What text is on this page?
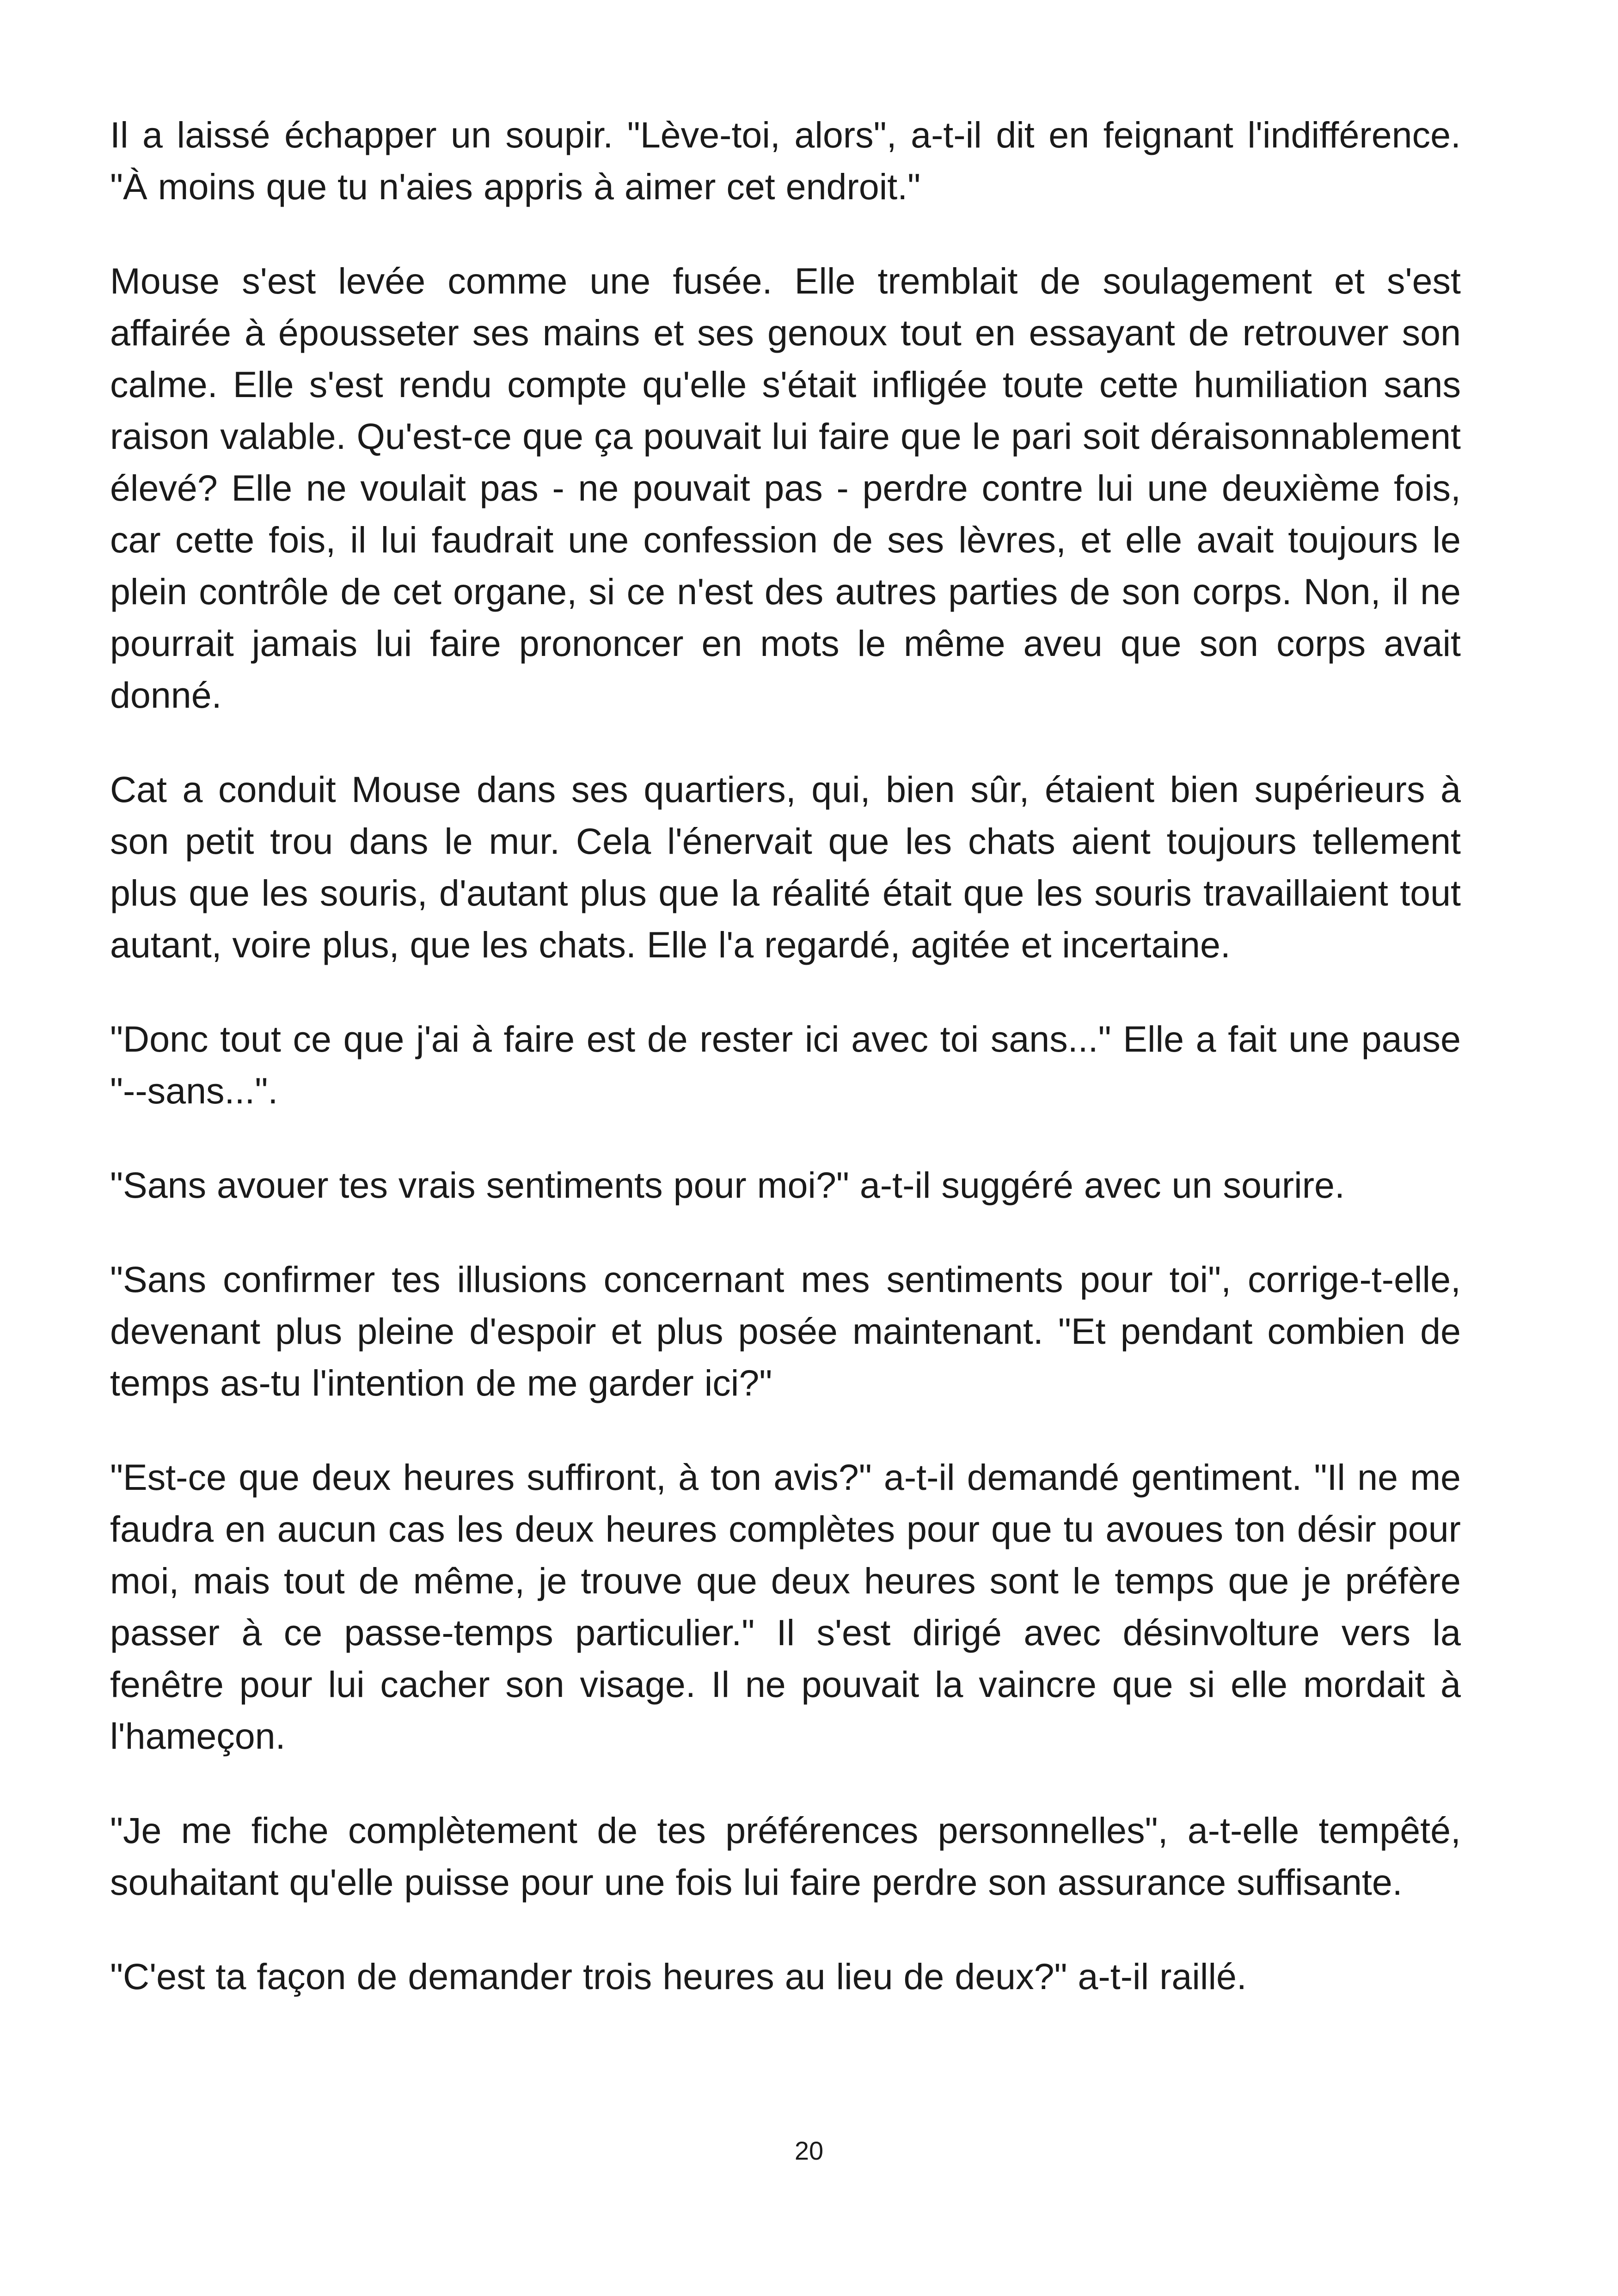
Il a laissé échapper un soupir. "Lève-toi, alors", a-t-il dit en feignant l'indifférence. "À moins que tu n'aies appris à aimer cet endroit."

Mouse s'est levée comme une fusée. Elle tremblait de soulagement et s'est affairée à épousseter ses mains et ses genoux tout en essayant de retrouver son calme. Elle s'est rendu compte qu'elle s'était infligée toute cette humiliation sans raison valable. Qu'est-ce que ça pouvait lui faire que le pari soit déraisonnablement élevé? Elle ne voulait pas - ne pouvait pas - perdre contre lui une deuxième fois, car cette fois, il lui faudrait une confession de ses lèvres, et elle avait toujours le plein contrôle de cet organe, si ce n'est des autres parties de son corps. Non, il ne pourrait jamais lui faire prononcer en mots le même aveu que son corps avait donné.

Cat a conduit Mouse dans ses quartiers, qui, bien sûr, étaient bien supérieurs à son petit trou dans le mur. Cela l'énervait que les chats aient toujours tellement plus que les souris, d'autant plus que la réalité était que les souris travaillaient tout autant, voire plus, que les chats. Elle l'a regardé, agitée et incertaine.

"Donc tout ce que j'ai à faire est de rester ici avec toi sans..." Elle a fait une pause "--sans...".

"Sans avouer tes vrais sentiments pour moi?" a-t-il suggéré avec un sourire.

"Sans confirmer tes illusions concernant mes sentiments pour toi", corrige-t-elle, devenant plus pleine d'espoir et plus posée maintenant. "Et pendant combien de temps as-tu l'intention de me garder ici?"

"Est-ce que deux heures suffiront, à ton avis?" a-t-il demandé gentiment. "Il ne me faudra en aucun cas les deux heures complètes pour que tu avoues ton désir pour moi, mais tout de même, je trouve que deux heures sont le temps que je préfère passer à ce passe-temps particulier." Il s'est dirigé avec désinvolture vers la fenêtre pour lui cacher son visage. Il ne pouvait la vaincre que si elle mordait à l'hameçon.

"Je me fiche complètement de tes préférences personnelles", a-t-elle tempêté, souhaitant qu'elle puisse pour une fois lui faire perdre son assurance suffisante.

"C'est ta façon de demander trois heures au lieu de deux?" a-t-il raillé.

20
